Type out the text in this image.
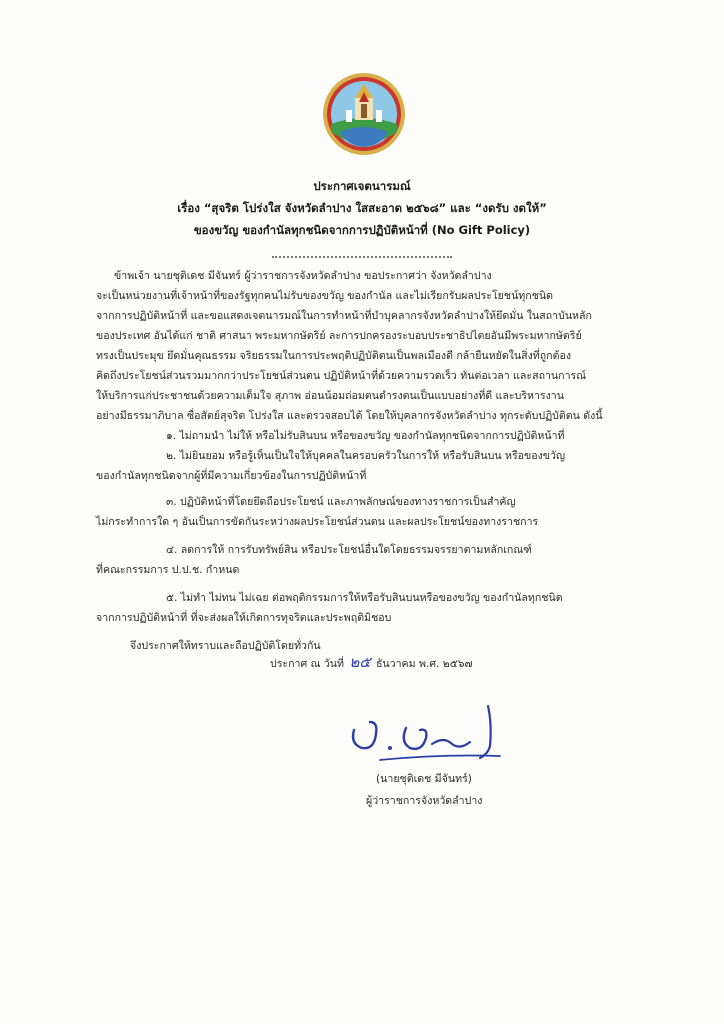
ประกาศเจตนารมณ์
เรื่อง “สุจริต โปร่งใส จังหวัดลำปาง ใสสะอาด ๒๕๖๘” และ “งดรับ งดให้”
ของขวัญ ของกำนัลทุกชนิดจากการปฏิบัติหน้าที่ (No Gift Policy)
ข้าพเจ้า นายชุติเดช มีจันทร์ ผู้ว่าราชการจังหวัดลำปาง ขอประกาศว่า จังหวัดลำปาง
จะเป็นหน่วยงานที่เจ้าหน้าที่ของรัฐทุกคนไม่รับของขวัญ ของกำนัล และไม่เรียกรับผลประโยชน์ทุกชนิด
จากการปฏิบัติหน้าที่ และขอแสดงเจตนารมณ์ในการทำหน้าที่บำบุคลากรจังหวัดลำปางให้ยึดมั่น ในสถาบันหลัก
ของประเทศ อันได้แก่ ชาติ ศาสนา พระมหากษัตริย์ ละการปกครองระบอบประชาธิปไตยอันมีพระมหากษัตริย์
ทรงเป็นประมุข ยึดมั่นคุณธรรม จริยธรรมในการประพฤติปฏิบัติตนเป็นพลเมืองดี กล้ายืนหยัดในสิ่งที่ถูกต้อง
คิดถึงประโยชน์ส่วนรวมมากกว่าประโยชน์ส่วนตน ปฏิบัติหน้าที่ด้วยความรวดเร็ว ทันต่อเวลา และสถานการณ์
ให้บริการแก่ประชาชนด้วยความเต็มใจ สุภาพ อ่อนน้อมถ่อมตนดำรงตนเป็นแบบอย่างที่ดี และบริหารงาน
อย่างมีธรรมาภิบาล ซื่อสัตย์สุจริต โปร่งใส และตรวจสอบได้ โดยให้บุคลากรจังหวัดลำปาง ทุกระดับปฏิบัติตน ดังนี้
๑. ไม่ถามนำ ไม่ให้ หรือไม่รับสินบน หรือของขวัญ ของกำนัลทุกชนิดจากการปฏิบัติหน้าที่
๒. ไม่ยินยอม หรือรู้เห็นเป็นใจให้บุคคลในครอบครัวในการให้ หรือรับสินบน หรือของขวัญ
ของกำนัลทุกชนิดจากผู้ที่มีความเกี่ยวข้องในการปฏิบัติหน้าที่
๓. ปฏิบัติหน้าที่โดยยึดถือประโยชน์ และภาพลักษณ์ของทางราชการเป็นสำคัญ
ไม่กระทำการใด ๆ อันเป็นการขัดกันระหว่างผลประโยชน์ส่วนตน และผลประโยชน์ของทางราชการ
๔. ลดการให้ การรับทรัพย์สิน หรือประโยชน์อื่นใดโดยธรรมจรรยาตามหลักเกณฑ์
ที่คณะกรรมการ ป.ป.ช. กำหนด
๕. ไม่ทำ ไม่ทน ไม่เฉย ต่อพฤติกรรมการให้หรือรับสินบนหรือของขวัญ ของกำนัลทุกชนิด
จากการปฏิบัติหน้าที่ ที่จะส่งผลให้เกิดการทุจริตและประพฤติมิชอบ
จึงประกาศให้ทราบและถือปฏิบัติโดยทั่วกัน
ประกาศ ณ วันที่ ๒๕ ธันวาคม พ.ศ. ๒๕๖๗
(นายชุติเดช มีจันทร์)
ผู้ว่าราชการจังหวัดลำปาง
